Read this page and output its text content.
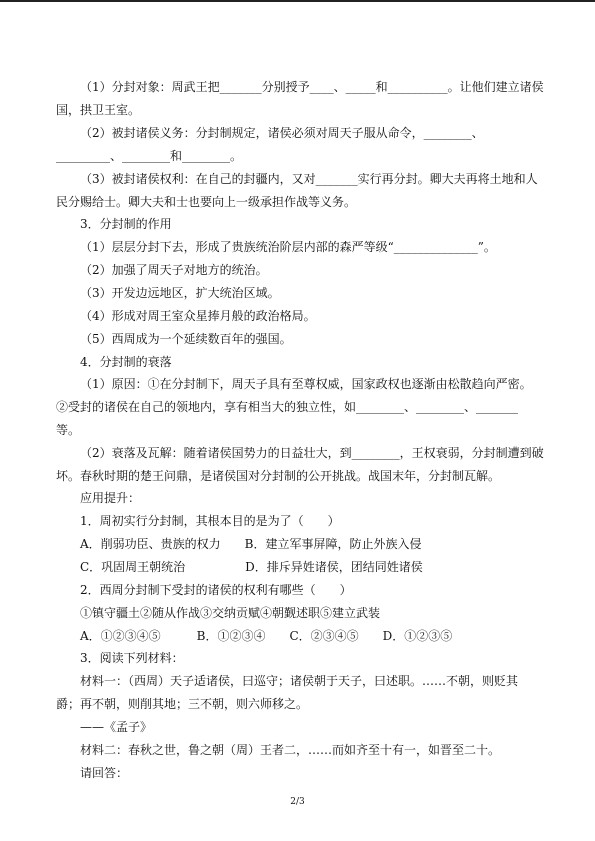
（1）分封对象：周武王把_______分别授予____、_____和__________。让他们建立诸侯
国，拱卫王室。
（2）被封诸侯义务：分封制规定，诸侯必须对周天子服从命令，________、
_________、________和________。
（3）被封诸侯权利：在自己的封疆内，又对_______实行再分封。卿大夫再将土地和人
民分赐给士。卿大夫和士也要向上一级承担作战等义务。
3．分封制的作用
（1）层层分封下去，形成了贵族统治阶层内部的森严等级“______________”。
（2）加强了周天子对地方的统治。
（3）开发边远地区，扩大统治区域。
（4）形成对周王室众星捧月般的政治格局。
（5）西周成为一个延续数百年的强国。
4．分封制的衰落
（1）原因：①在分封制下，周天子具有至尊权威，国家政权也逐渐由松散趋向严密。
②受封的诸侯在自己的领地内，享有相当大的独立性，如________、________、_______
等。
（2）衰落及瓦解：随着诸侯国势力的日益壮大，到________，王权衰弱，分封制遭到破
坏。春秋时期的楚王问鼎，是诸侯国对分封制的公开挑战。战国末年，分封制瓦解。
应用提升：
1．周初实行分封制，其根本目的是为了（　　）
A．削弱功臣、贵族的权力　　B．建立军事屏障，防止外族入侵
C．巩固周王朝统治　　　　　D．排斥异姓诸侯，团结同姓诸侯
2．西周分封制下受封的诸侯的权利有哪些（　　）
①镇守疆土②随从作战③交纳贡赋④朝觐述职⑤建立武装
A．①②③④⑤　　　B．①②③④　　C．②③④⑤　　D．①②③⑤
3．阅读下列材料：
材料一：（西周）天子适诸侯，曰巡守；诸侯朝于天子，曰述职。……不朝，则贬其
爵；再不朝，则削其地；三不朝，则六师移之。
——《孟子》
材料二：春秋之世，鲁之朝（周）王者二，……而如齐至十有一，如晋至二十。
请回答：
2/3
